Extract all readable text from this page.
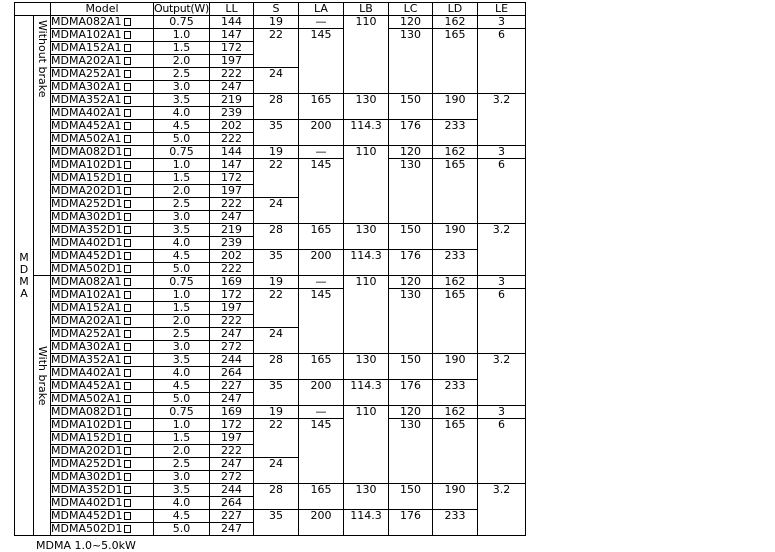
		Model	Output(W)	LL	S	LA	LB	LC	LD	LE

MDMA	Without brake	MDMA082A1	0.75	144	19	—	110	120	162	3
		MDMA102A1	1.0	147	22	145		130	165	6
		MDMA152A1	1.5	172						
		MDMA202A1	2.0	197						
		MDMA252A1	2.5	222	24					
		MDMA302A1	3.0	247						
		MDMA352A1	3.5	219	28	165	130	150	190	3.2
		MDMA402A1	4.0	239						
		MDMA452A1	4.5	202	35	200	114.3	176	233	
		MDMA502A1	5.0	222						
		MDMA082D1	0.75	144	19	—	110	120	162	3
		MDMA102D1	1.0	147	22	145		130	165	6
		MDMA152D1	1.5	172						
		MDMA202D1	2.0	197						
		MDMA252D1	2.5	222	24					
		MDMA302D1	3.0	247						
		MDMA352D1	3.5	219	28	165	130	150	190	3.2
		MDMA402D1	4.0	239						
		MDMA452D1	4.5	202	35	200	114.3	176	233	
		MDMA502D1	5.0	222						

	With brake	MDMA082A1	0.75	169	19	—	110	120	162	3
		MDMA102A1	1.0	172	22	145		130	165	6
		MDMA152A1	1.5	197						
		MDMA202A1	2.0	222						
		MDMA252A1	2.5	247	24					
		MDMA302A1	3.0	272						
		MDMA352A1	3.5	244	28	165	130	150	190	3.2
		MDMA402A1	4.0	264						
		MDMA452A1	4.5	227	35	200	114.3	176	233	
		MDMA502A1	5.0	247						
		MDMA082D1	0.75	169	19	—	110	120	162	3
		MDMA102D1	1.0	172	22	145		130	165	6
		MDMA152D1	1.5	197						
		MDMA202D1	2.0	222						
		MDMA252D1	2.5	247	24					
		MDMA302D1	3.0	272						
		MDMA352D1	3.5	244	28	165	130	150	190	3.2
		MDMA402D1	4.0	264						
		MDMA452D1	4.5	227	35	200	114.3	176	233	
		MDMA502D1	5.0	247						
MDMA 1.0~5.0kW
